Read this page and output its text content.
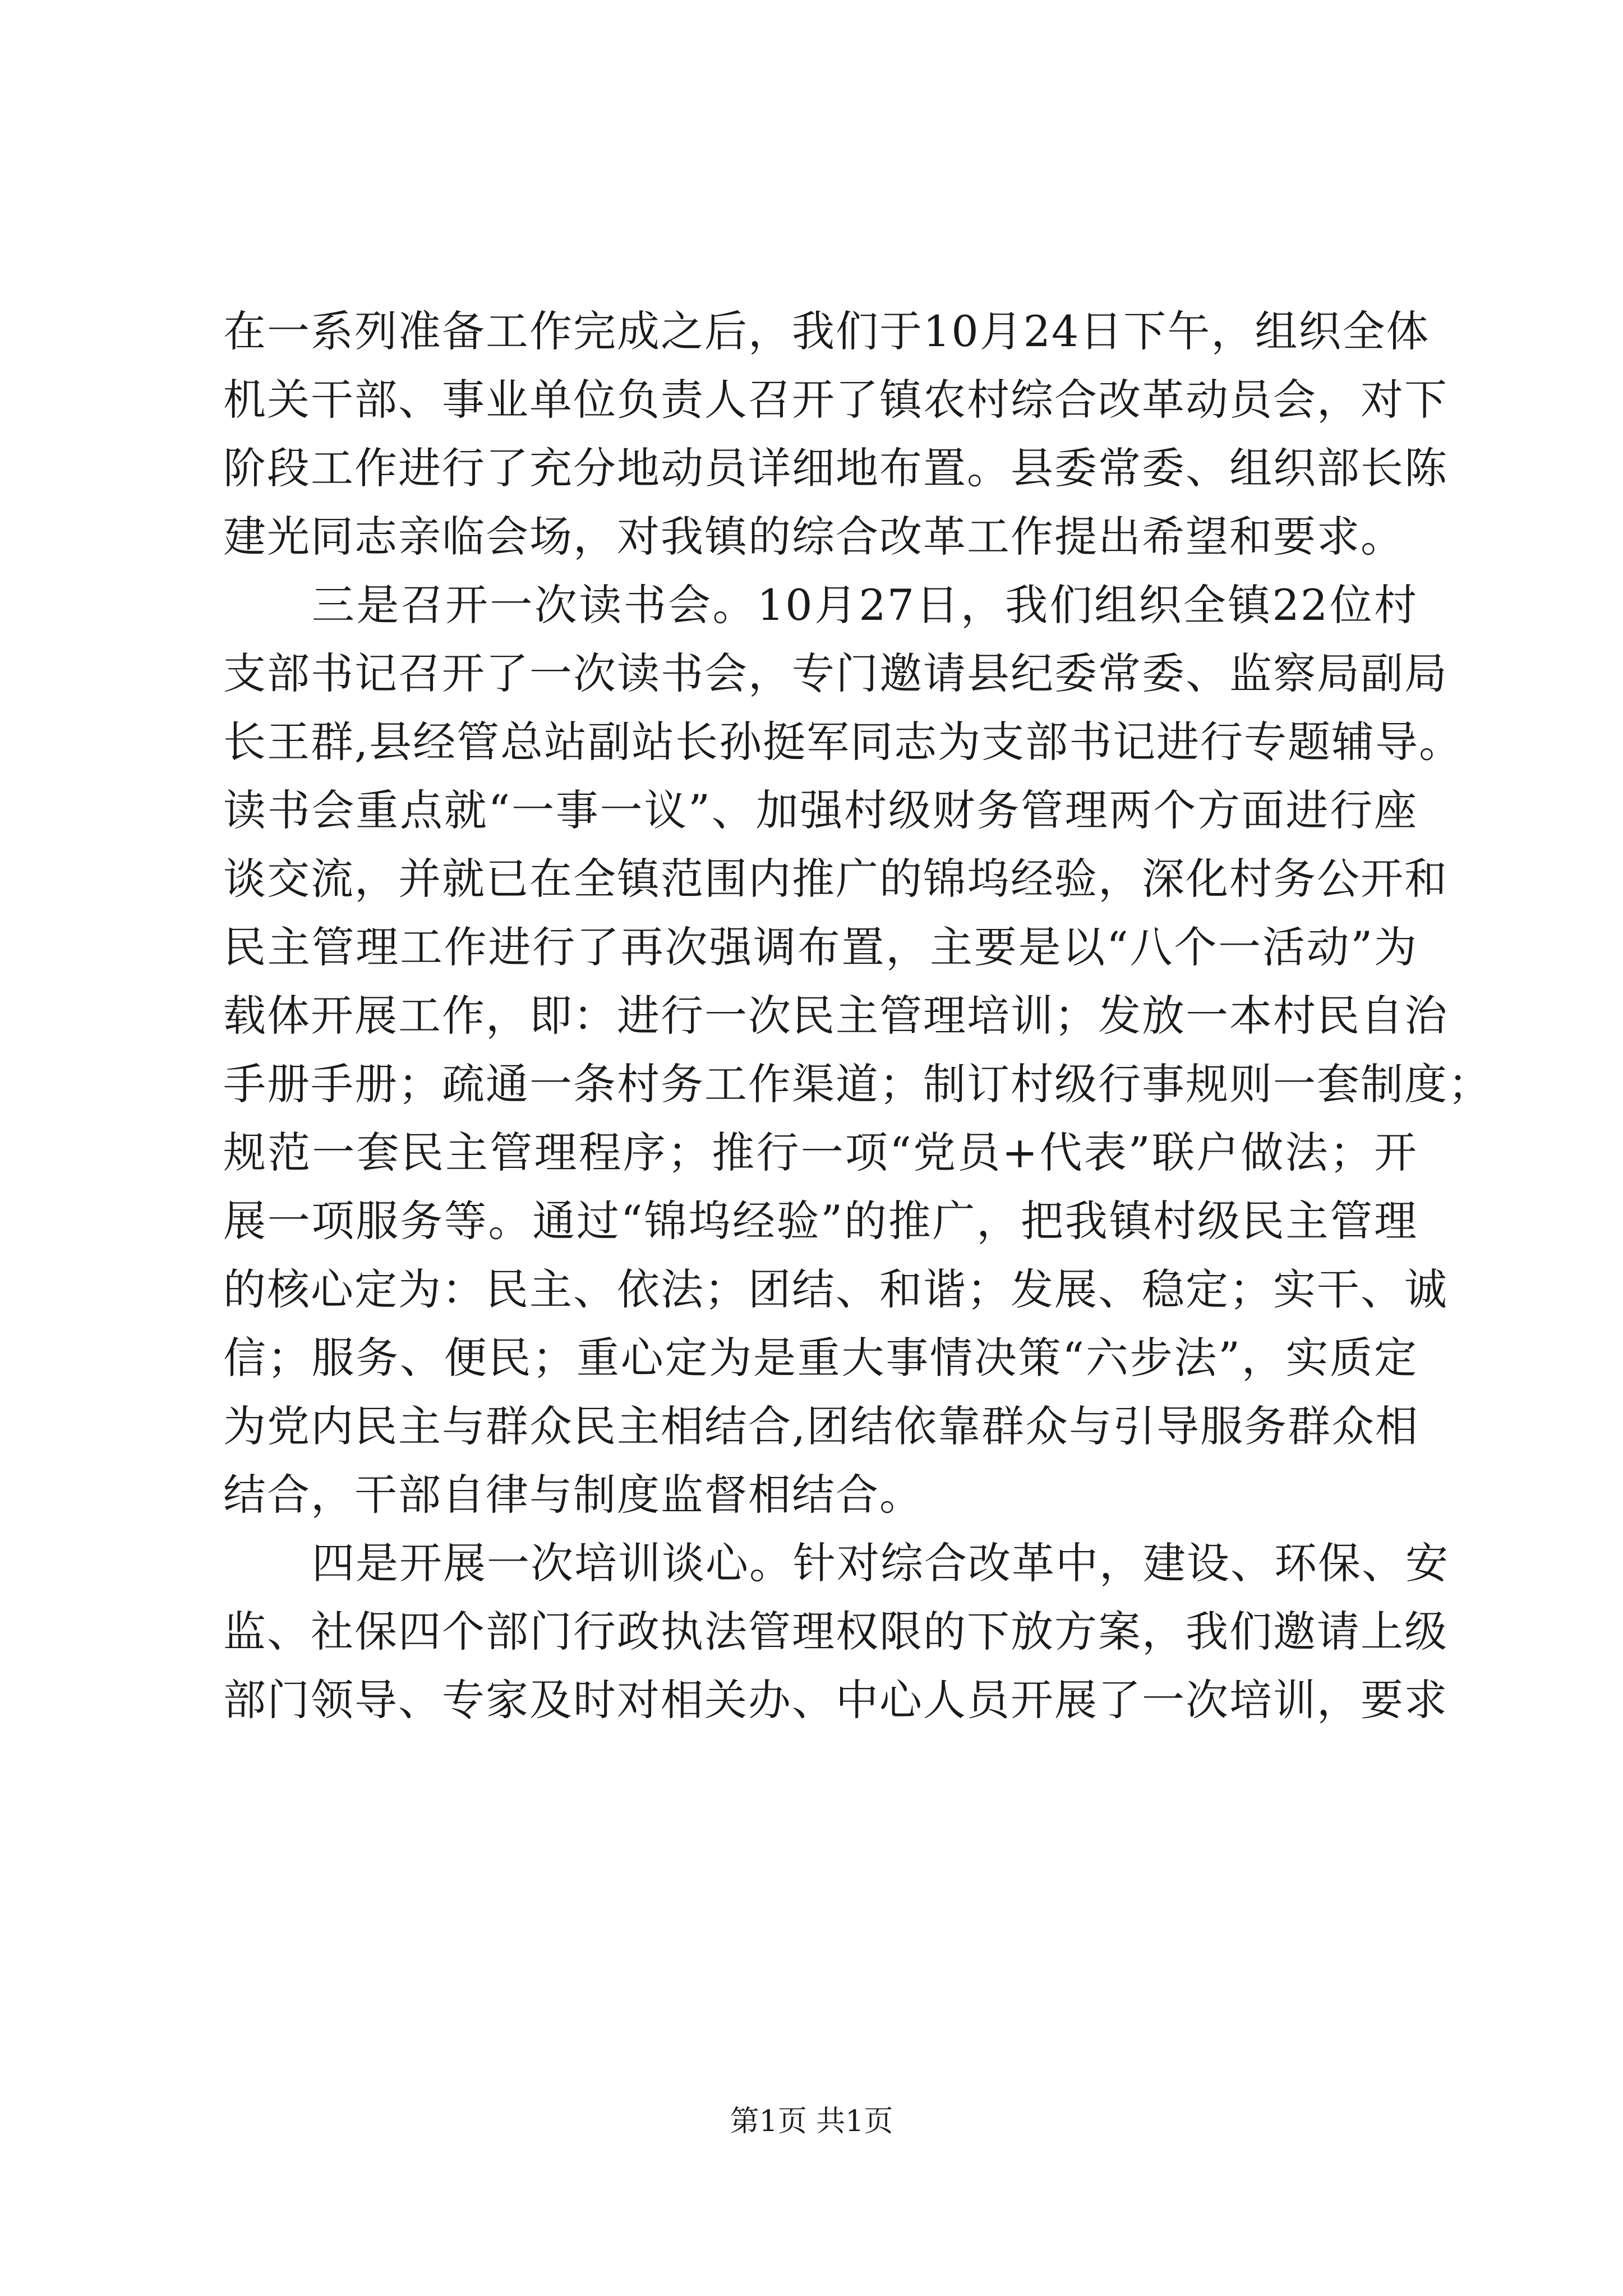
在一系列准备工作完成之后，我们于10月24日下午，组织全体
机关干部、事业单位负责人召开了镇农村综合改革动员会，对下
阶段工作进行了充分地动员详细地布置。县委常委、组织部长陈
建光同志亲临会场，对我镇的综合改革工作提出希望和要求。
三是召开一次读书会。10月27日，我们组织全镇22位村
支部书记召开了一次读书会，专门邀请县纪委常委、监察局副局
长王群,县经管总站副站长孙挺军同志为支部书记进行专题辅导。
读书会重点就“一事一议”、加强村级财务管理两个方面进行座
谈交流，并就已在全镇范围内推广的锦坞经验，深化村务公开和
民主管理工作进行了再次强调布置，主要是以“八个一活动”为
载体开展工作，即：进行一次民主管理培训；发放一本村民自治
手册手册；疏通一条村务工作渠道；制订村级行事规则一套制度；
规范一套民主管理程序；推行一项“党员+代表”联户做法；开
展一项服务等。通过“锦坞经验”的推广，把我镇村级民主管理
的核心定为：民主、依法；团结、和谐；发展、稳定；实干、诚
信；服务、便民；重心定为是重大事情决策“六步法”，实质定
为党内民主与群众民主相结合,团结依靠群众与引导服务群众相
结合，干部自律与制度监督相结合。
四是开展一次培训谈心。针对综合改革中，建设、环保、安
监、社保四个部门行政执法管理权限的下放方案，我们邀请上级
部门领导、专家及时对相关办、中心人员开展了一次培训，要求
第1页 共1页
